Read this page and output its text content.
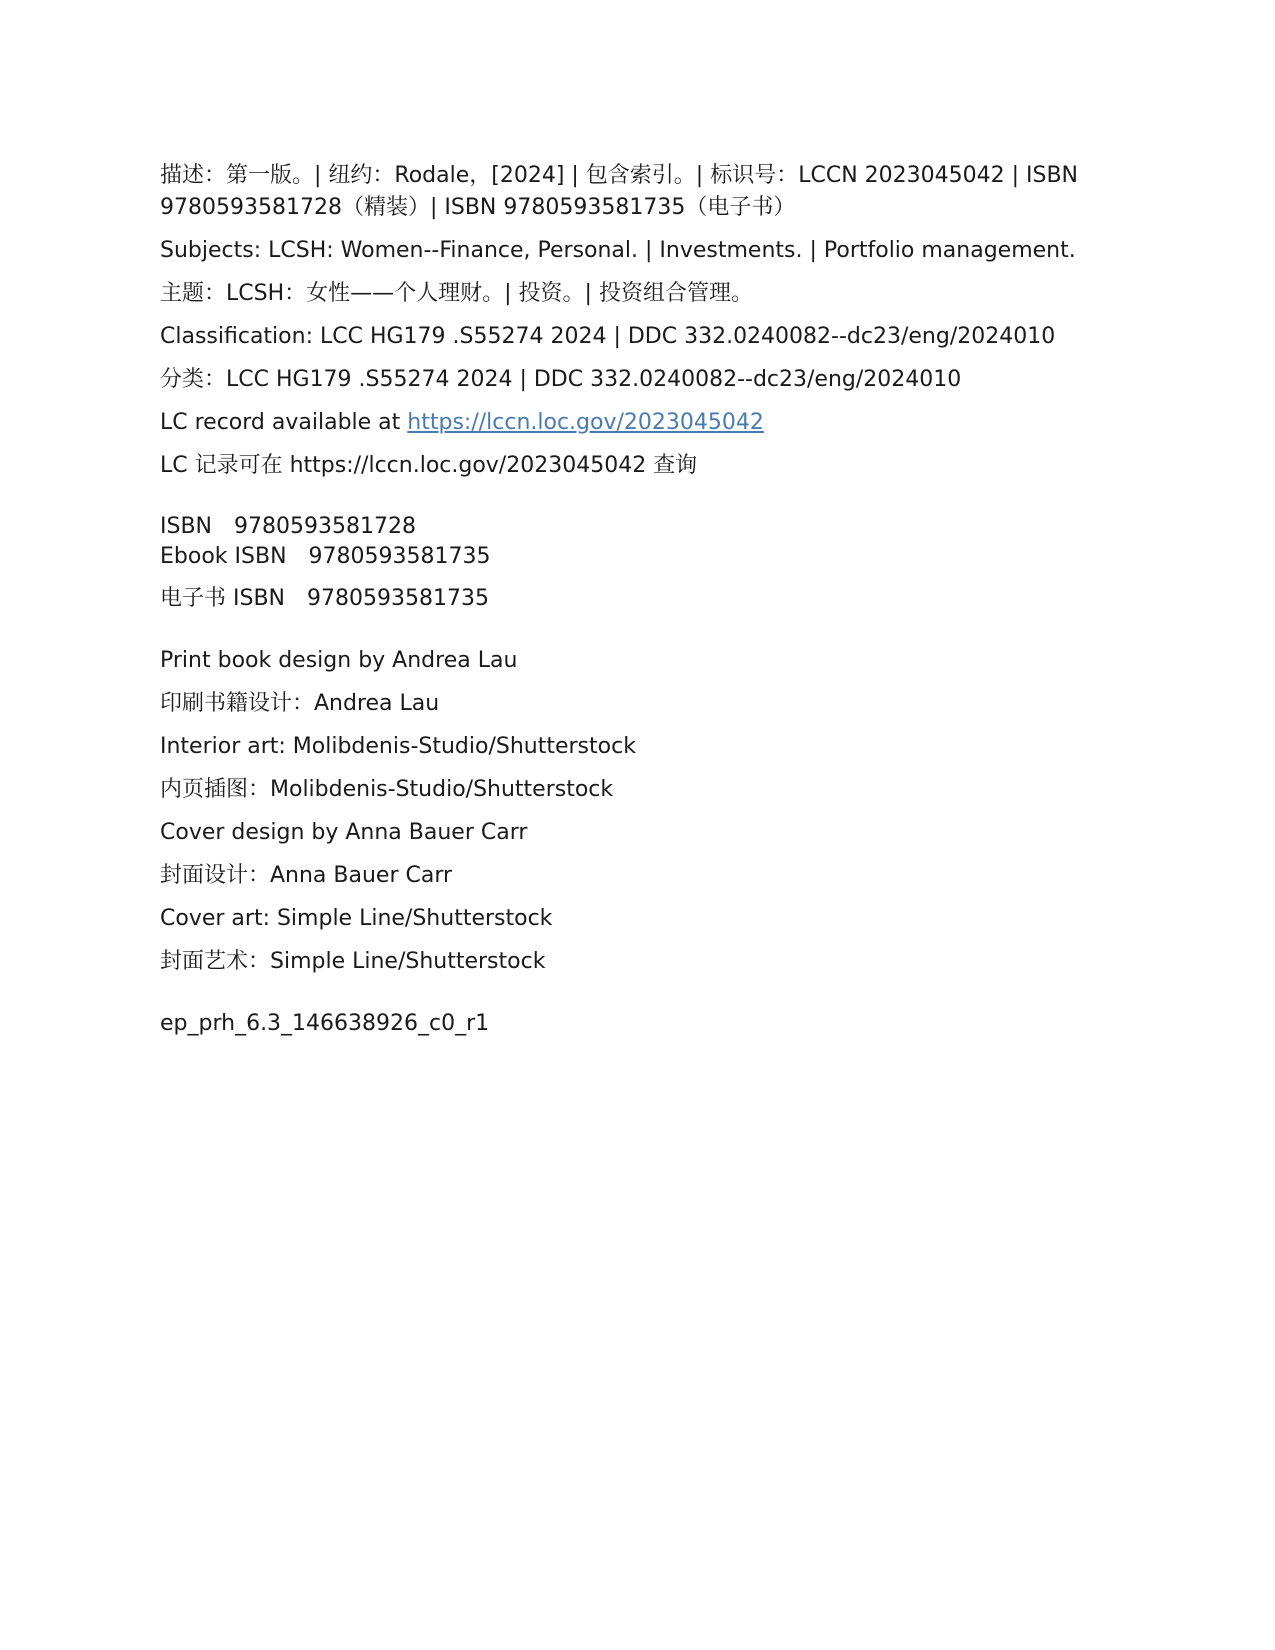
描述：第一版。| 纽约：Rodale，[2024] | 包含索引。| 标识号：LCCN 2023045042 | ISBN 9780593581728（精装）| ISBN 9780593581735（电子书）
Subjects: LCSH: Women--Finance, Personal. | Investments. | Portfolio management.
主题：LCSH：女性——个人理财。| 投资。| 投资组合管理。
Classification: LCC HG179 .S55274 2024 | DDC 332.0240082--dc23/eng/2024010
分类：LCC HG179 .S55274 2024 | DDC 332.0240082--dc23/eng/2024010
LC record available at https://lccn.loc.gov/2023045042
LC 记录可在 https://lccn.loc.gov/2023045042 查询
ISBN 9780593581728
Ebook ISBN 9780593581735
电子书 ISBN 9780593581735
Print book design by Andrea Lau
印刷书籍设计：Andrea Lau
Interior art: Molibdenis-Studio/Shutterstock
内页插图：Molibdenis-Studio/Shutterstock
Cover design by Anna Bauer Carr
封面设计：Anna Bauer Carr
Cover art: Simple Line/Shutterstock
封面艺术：Simple Line/Shutterstock
ep_prh_6.3_146638926_c0_r1
